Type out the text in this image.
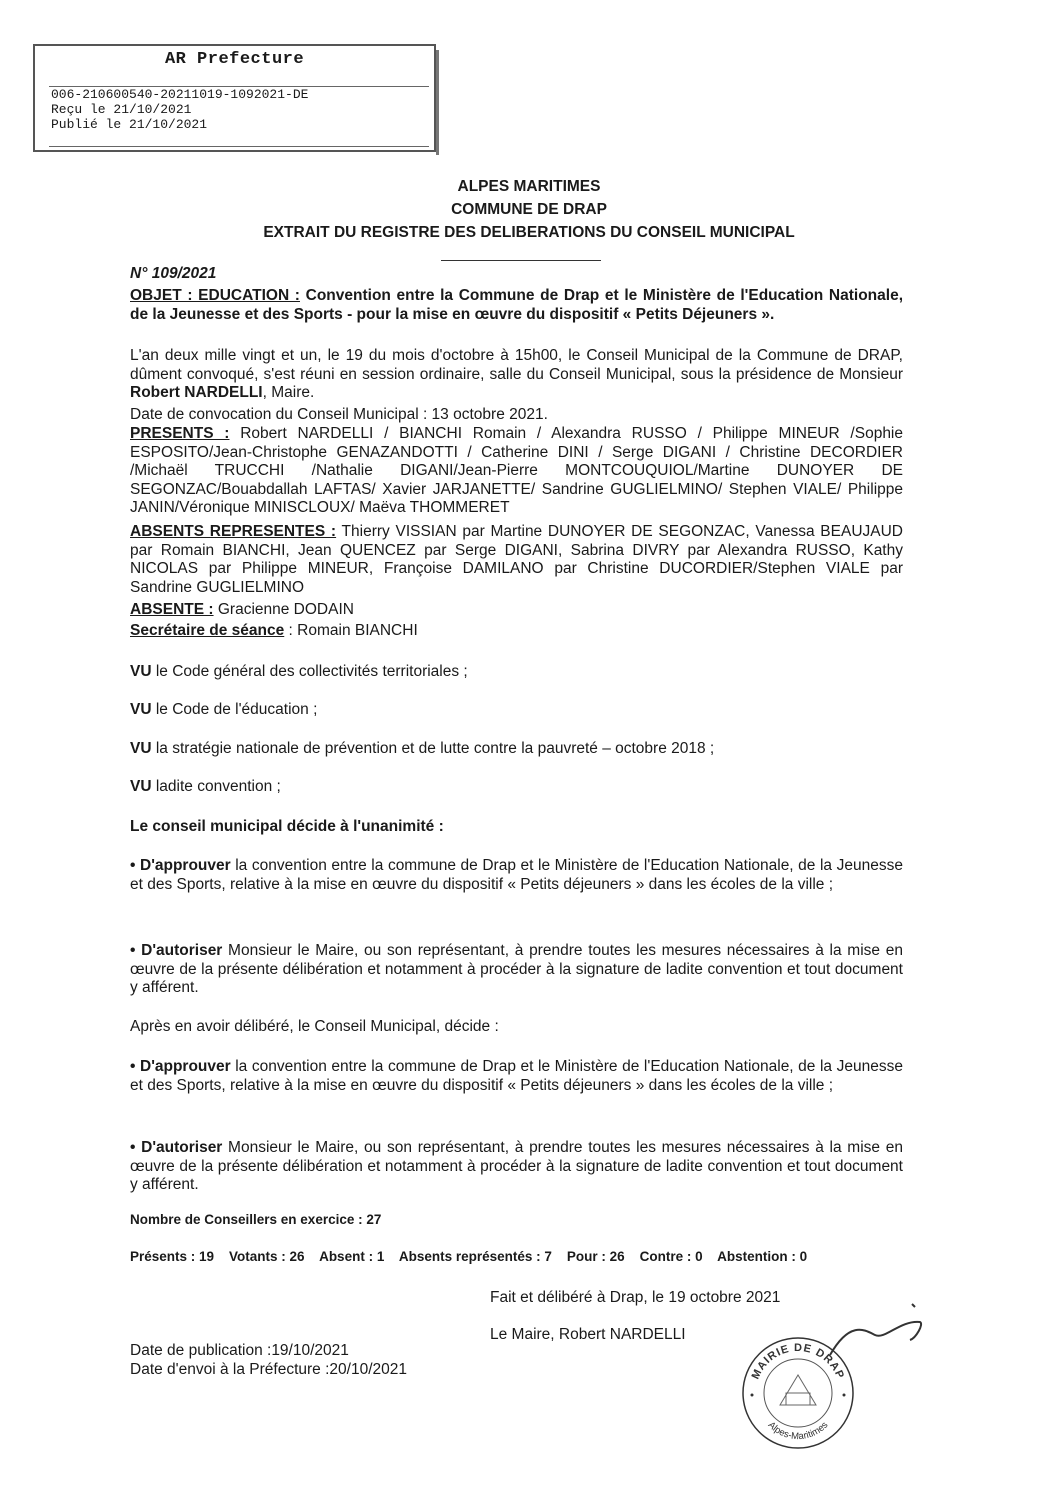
AR Prefecture
006-210600540-20211019-1092021-DE
Reçu le 21/10/2021
Publié le 21/10/2021
ALPES MARITIMES
COMMUNE DE DRAP
EXTRAIT DU REGISTRE DES DELIBERATIONS DU CONSEIL MUNICIPAL
N° 109/2021
OBJET : EDUCATION : Convention entre la Commune de Drap et le Ministère de l'Education Nationale, de la Jeunesse et des Sports - pour la mise en œuvre du dispositif « Petits Déjeuners ».
L'an deux mille vingt et un, le 19 du mois d'octobre à 15h00, le Conseil Municipal de la Commune de DRAP, dûment convoqué, s'est réuni en session ordinaire, salle du Conseil Municipal, sous la présidence de Monsieur Robert NARDELLI, Maire.
Date de convocation du Conseil Municipal : 13 octobre 2021.
PRESENTS : Robert NARDELLI / BIANCHI Romain / Alexandra RUSSO / Philippe MINEUR /Sophie ESPOSITO/Jean-Christophe GENAZANDOTTI / Catherine DINI / Serge DIGANI / Christine DECORDIER /Michaël TRUCCHI /Nathalie DIGANI/Jean-Pierre MONTCOUQUIOL/Martine DUNOYER DE SEGONZAC/Bouabdallah LAFTAS/ Xavier JARJANETTE/ Sandrine GUGLIELMINO/ Stephen VIALE/ Philippe JANIN/Véronique MINISCLOUX/ Maëva THOMMERET
ABSENTS REPRESENTES : Thierry VISSIAN par Martine DUNOYER DE SEGONZAC, Vanessa BEAUJAUD par Romain BIANCHI, Jean QUENCEZ par Serge DIGANI, Sabrina DIVRY par Alexandra RUSSO, Kathy NICOLAS par Philippe MINEUR, Françoise DAMILANO par Christine DUCORDIER/Stephen VIALE par Sandrine GUGLIELMINO
ABSENTE : Gracienne DODAIN
Secrétaire de séance : Romain BIANCHI
VU le Code général des collectivités territoriales ;
VU le Code de l'éducation ;
VU la stratégie nationale de prévention et de lutte contre la pauvreté – octobre 2018 ;
VU ladite convention ;
Le conseil municipal décide à l'unanimité :
• D'approuver la convention entre la commune de Drap et le Ministère de l'Education Nationale, de la Jeunesse et des Sports, relative à la mise en œuvre du dispositif « Petits déjeuners » dans les écoles de la ville ;
• D'autoriser Monsieur le Maire, ou son représentant, à prendre toutes les mesures nécessaires à la mise en œuvre de la présente délibération et notamment à procéder à la signature de ladite convention et tout document y afférent.
Après en avoir délibéré, le Conseil Municipal, décide :
• D'approuver la convention entre la commune de Drap et le Ministère de l'Education Nationale, de la Jeunesse et des Sports, relative à la mise en œuvre du dispositif « Petits déjeuners » dans les écoles de la ville ;
• D'autoriser Monsieur le Maire, ou son représentant, à prendre toutes les mesures nécessaires à la mise en œuvre de la présente délibération et notamment à procéder à la signature de ladite convention et tout document y afférent.
Nombre de Conseillers en exercice : 27
Présents : 19    Votants : 26    Absent : 1    Absents représentés : 7    Pour : 26    Contre : 0    Abstention : 0
Fait et délibéré à Drap, le 19 octobre 2021
Le Maire, Robert NARDELLI
Date de publication :19/10/2021
Date d'envoi à la Préfecture :20/10/2021	MAIRIE DE DRAP
Alpes-Maritimes
